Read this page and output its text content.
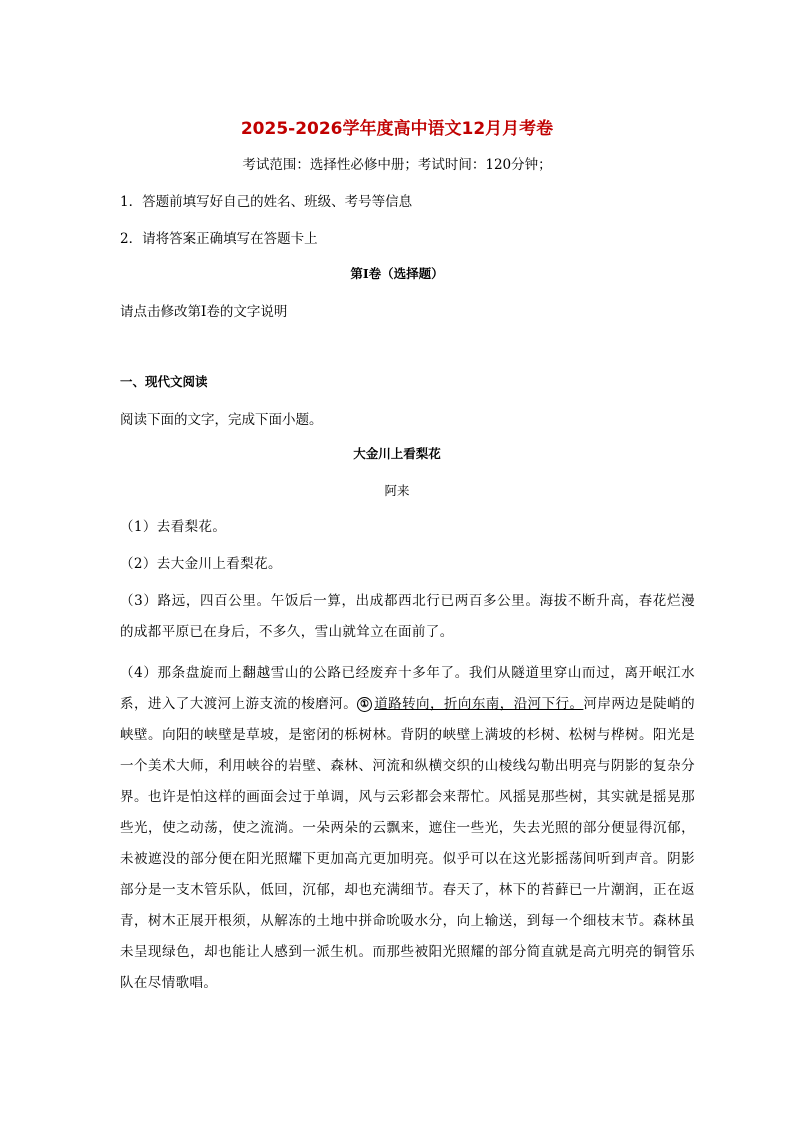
2025-2026学年度高中语文12月月考卷
考试范围：选择性必修中册；考试时间：120分钟；
1．答题前填写好自己的姓名、班级、考号等信息
2．请将答案正确填写在答题卡上
第I卷（选择题）
请点击修改第I卷的文字说明
一、现代文阅读
阅读下面的文字，完成下面小题。
大金川上看梨花
阿来
（1）去看梨花。
（2）去大金川上看梨花。
（3）路远，四百公里。午饭后一算，出成都西北行已两百多公里。海拔不断升高，春花烂漫的成都平原已在身后，不多久，雪山就耸立在面前了。
（4）那条盘旋而上翻越雪山的公路已经废弃十多年了。我们从隧道里穿山而过，离开岷江水系，进入了大渡河上游支流的梭磨河。 ① 道路转向，折向东南，沿河下行。河岸两边是陡峭的峡壁。向阳的峡壁是草坡，是密闭的栎树林。背阴的峡壁上满坡的杉树、松树与桦树。阳光是一个美术大师，利用峡谷的岩壁、森林、河流和纵横交织的山棱线勾勒出明亮与阴影的复杂分界。也许是怕这样的画面会过于单调，风与云彩都会来帮忙。风摇晃那些树，其实就是摇晃那些光，使之动荡，使之流淌。一朵两朵的云飘来，遮住一些光，失去光照的部分便显得沉郁，未被遮没的部分便在阳光照耀下更加高亢更加明亮。似乎可以在这光影摇荡间听到声音。阴影部分是一支木管乐队，低回，沉郁，却也充满细节。春天了，林下的苔藓已一片潮润，正在返青，树木正展开根须，从解冻的土地中拼命吮吸水分，向上输送，到每一个细枝末节。森林虽未呈现绿色，却也能让人感到一派生机。而那些被阳光照耀的部分简直就是高亢明亮的铜管乐队在尽情歌唱。
